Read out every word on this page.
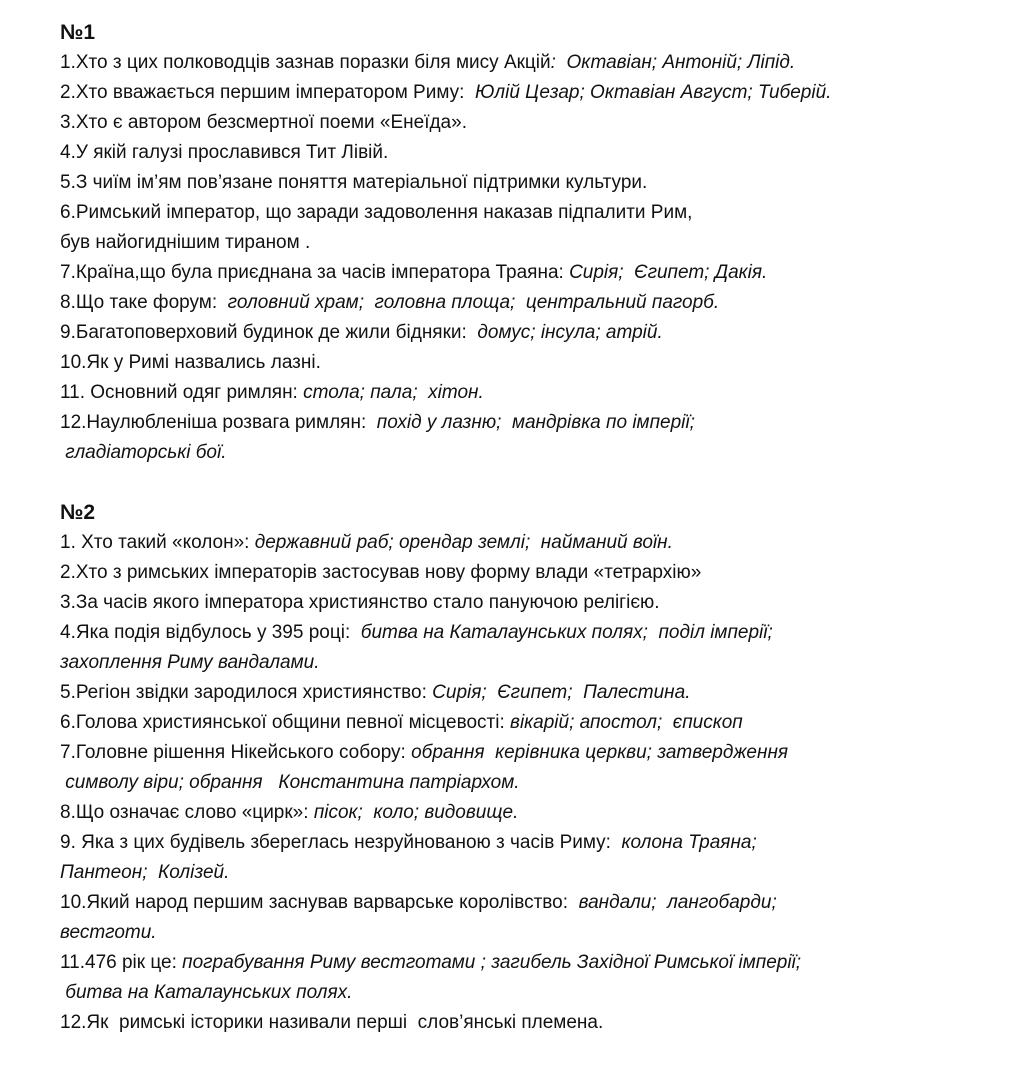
№1
1.Хто з цих полководців зазнав поразки біля мису Акцій:  Октавіан; Антоній; Ліпід.
2.Хто вважається першим імператором Риму:  Юлій Цезар; Октавіан Август; Тиберій.
3.Хто є автором безсмертної поеми «Енеїда».
4.У якій галузі прославився Тит Лівій.
5.З чиїм ім’ям пов’язане поняття матеріальної підтримки культури.
6.Римський імператор, що заради задоволення наказав підпалити Рим,
був найогиднішим тираном .
7.Країна,що була приєднана за часів імператора Траяна: Сирія;  Єгипет; Дакія.
8.Що таке форум:  головний храм;  головна площа;  центральний пагорб.
9.Багатоповерховий будинок де жили бідняки:  домус; інсула; атрій.
10.Як у Римі назвались лазні.
11. Основний одяг римлян: стола; пала;  хітон.
12.Наулюбленіша розвага римлян:  похід у лазню;  мандрівка по імперії;
гладіаторські бої.
№2
1. Хто такий «колон»: державний раб; орендар землі;  найманий воїн.
2.Хто з римських імператорів застосував нову форму влади «тетрархію»
3.За часів якого імператора християнство стало пануючою релігією.
4.Яка подія відбулось у 395 році:  битва на Каталаунських полях;  поділ імперії;
захоплення Риму вандалами.
5.Регіон звідки зародилося християнство: Сирія;  Єгипет;  Палестина.
6.Голова християнської общини певної місцевості: вікарій; апостол;  єпископ
7.Головне рішення Нікейського собору: обрання  керівника церкви; затвердження
символу віри; обрання   Константина патріархом.
8.Що означає слово «цирк»: пісок;  коло; видовище.
9. Яка з цих будівель збереглась незруйнованою з часів Риму:  колона Траяна;
Пантеон;  Колізей.
10.Який народ першим заснував варварське королівство:  вандали;  лангобарди;
вестготи.
11.476 рік це: пограбування Риму вестготами ; загибель Західної Римської імперії;
битва на Каталаунських полях.
12.Як  римські історики називали перші  слов’янські племена.
